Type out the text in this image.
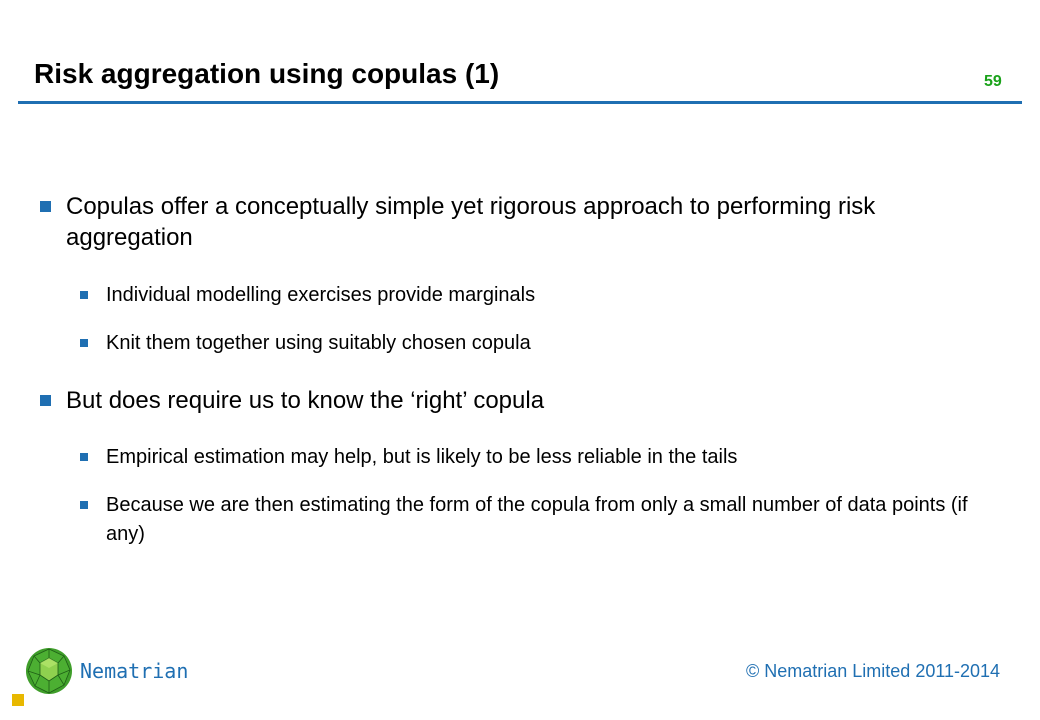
Risk aggregation using copulas (1)	59
Copulas offer a conceptually simple yet rigorous approach to performing risk aggregation
Individual modelling exercises provide marginals
Knit them together using suitably chosen copula
But does require us to know the ‘right’ copula
Empirical estimation may help, but is likely to be less reliable in the tails
Because we are then estimating the form of the copula from only a small number of data points (if any)
Nematrian	© Nematrian Limited 2011-2014
